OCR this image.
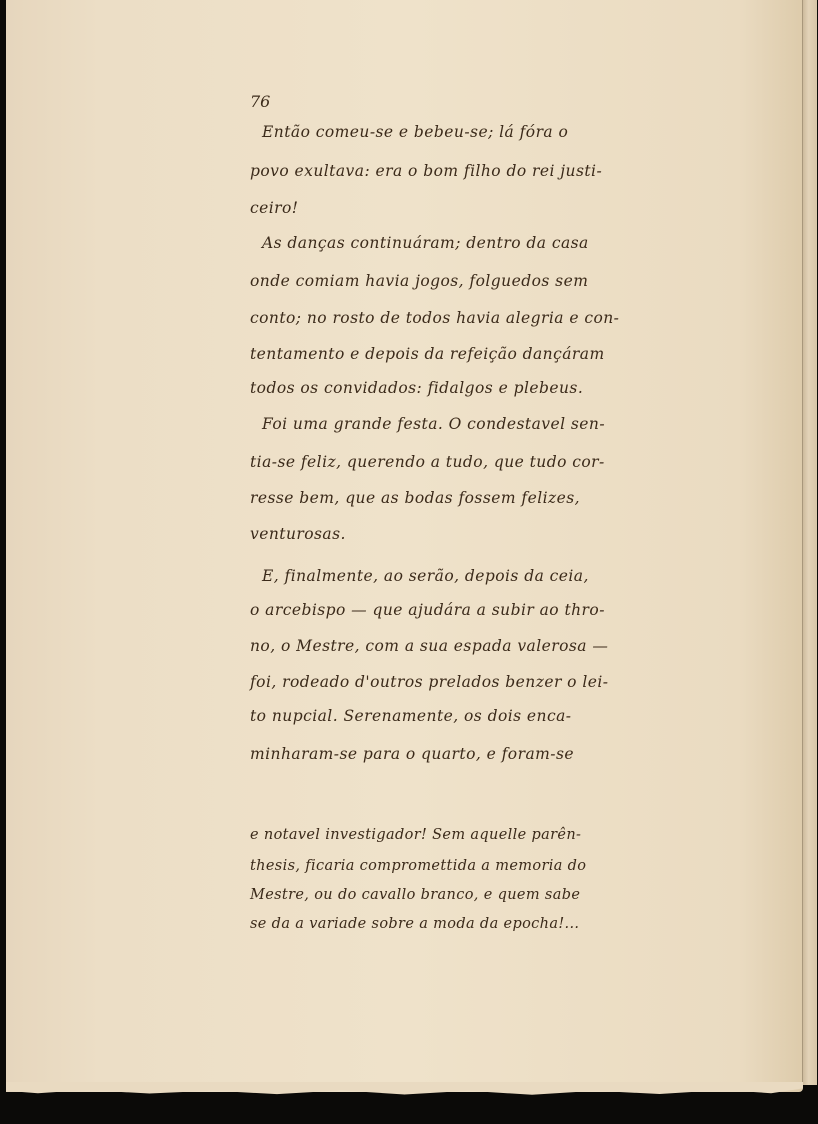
76
Então comeu-se e bebeu-se; lá fóra o
povo exultava: era o bom filho do rei justi-
ceiro!
As danças continuáram; dentro da casa
onde comiam havia jogos, folguedos sem
conto; no rosto de todos havia alegria e con-
tentamento e depois da refeição dançáram
todos os convidados: fidalgos e plebeus.
Foi uma grande festa. O condestavel sen-
tia-se feliz, querendo a tudo, que tudo cor-
resse bem, que as bodas fossem felizes,
venturosas.
E, finalmente, ao serão, depois da ceia,
o arcebispo — que ajudára a subir ao thro-
no, o Mestre, com a sua espada valerosa —
foi, rodeado d'outros prelados benzer o lei-
to nupcial. Serenamente, os dois enca-
minharam-se para o quarto, e foram-se
e notavel investigador! Sem aquelle parên-
thesis, ficaria compromettida a memoria do
Mestre, ou do cavallo branco, e quem sabe
se da a variade sobre a moda da epocha!...
